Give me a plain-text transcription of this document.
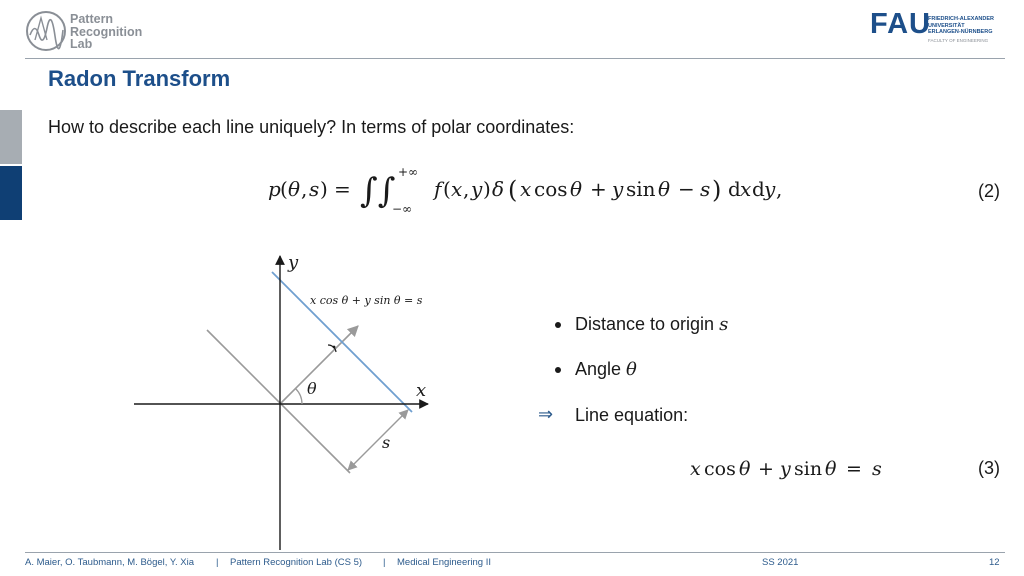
Pattern
Recognition
Lab
FAU
FRIEDRICH-ALEXANDER
UNIVERSITÄT
ERLANGEN-NÜRNBERG
FACULTY OF ENGINEERING
Radon Transform
How to describe each line uniquely? In terms of polar coordinates:
p ( θ , s ) = ∫∫ +∞
−∞
f ( x , y ) δ ( x cos θ + y sin θ − s ) d x d y ,	(2)
y
x
θ
s
x cos θ + y sin θ = s
Distance to origin s
Angle θ
⇒ Line equation:
x cos θ + y sin θ = s	(3)
A. Maier, O. Taubmann, M. Bögel, Y. Xia | Pattern Recognition Lab (CS 5) | Medical Engineering II	SS 2021	12
